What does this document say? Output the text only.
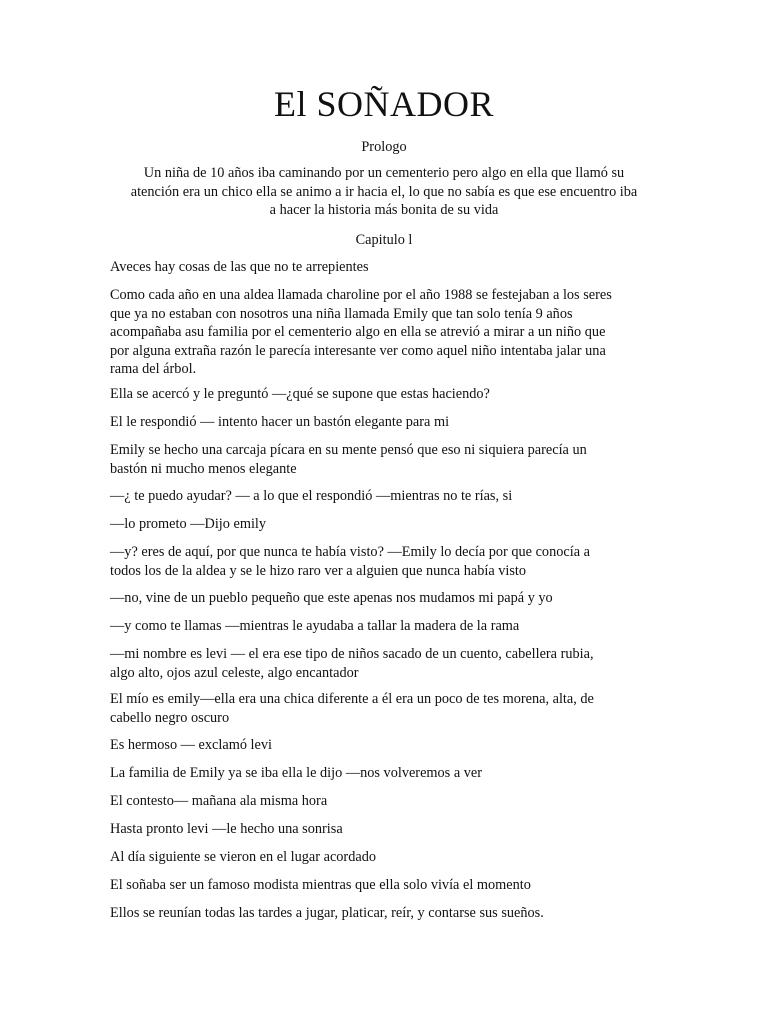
El SOÑADOR
Prologo
Un niña de 10 años iba caminando por un cementerio pero algo en ella que llamó su
atención era un chico ella se animo a ir hacia el, lo que no sabía es que ese encuentro iba
a hacer la historia más bonita de su vida
Capitulo l
Aveces hay cosas de las que no te arrepientes
Como cada año en una aldea llamada charoline por el año 1988 se festejaban a los seres
que ya no estaban con nosotros una niña llamada Emily que tan solo tenía 9 años
acompañaba asu familia por el cementerio algo en ella se atrevió a mirar a un niño que
por alguna extraña razón le parecía interesante ver como aquel niño intentaba jalar una
rama del árbol.
Ella se acercó y le preguntó —¿qué se supone que estas haciendo?
El le respondió — intento hacer un bastón elegante para mi
Emily se hecho una carcaja pícara en su mente pensó que eso ni siquiera parecía un
bastón ni mucho menos elegante
—¿ te puedo ayudar? — a lo que el respondió —mientras no te rías, si
—lo prometo —Dijo emily
—y? eres de aquí, por que nunca te había visto? —Emily lo decía por que conocía a
todos los de la aldea y se le hizo raro ver a alguien que nunca había visto
—no, vine de un pueblo pequeño que este apenas nos mudamos mi papá y yo
—y como te llamas —mientras le ayudaba a tallar la madera de la rama
—mi nombre es levi — el era ese tipo de niños sacado de un cuento, cabellera rubia,
algo alto, ojos azul celeste, algo encantador
El mío es emily—ella era una chica diferente a él era un poco de tes morena, alta, de
cabello negro oscuro
Es hermoso — exclamó levi
La familia de Emily ya se iba ella le dijo —nos volveremos a ver
El contesto— mañana ala misma hora
Hasta pronto levi —le hecho una sonrisa
Al día siguiente se vieron en el lugar acordado
El soñaba ser un famoso modista mientras que ella solo vivía el momento
Ellos se reunían todas las tardes a jugar, platicar, reír, y contarse sus sueños.
